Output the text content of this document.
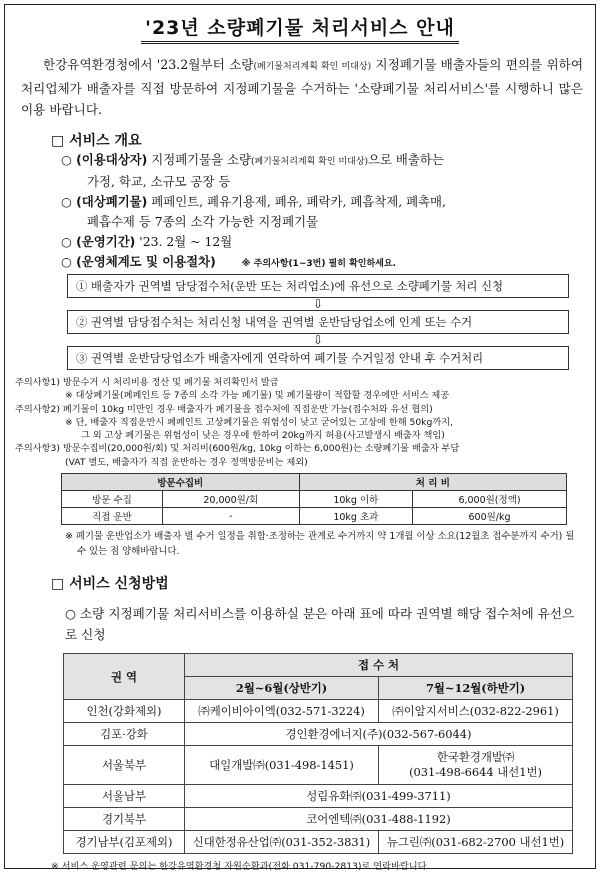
'23년 소량폐기물 처리서비스 안내

한강유역환경청에서 '23.2월부터 소량(폐기물처리계획 확인 미대상) 지정폐기물 배출자들의 편의를 위하여 처리업체가 배출자를 직접 방문하여 지정폐기물을 수거하는 '소량폐기물 처리서비스'를 시행하니 많은 이용 바랍니다.

□ 서비스 개요
○ (이용대상자) 지정폐기물을 소량(폐기물처리계획 확인 미대상)으로 배출하는
가정, 학교, 소규모 공장 등
○ (대상폐기물) 폐페인트, 폐유기용제, 폐유, 폐락카, 폐흡착제, 폐촉매,
폐흡수제 등 7종의 소각 가능한 지정폐기물
○ (운영기간) '23. 2월 ~ 12월
○ (운영체계도 및 이용절차)	※ 주의사항(1~3번) 필히 확인하세요.
① 배출자가 권역별 담당접수처(운반 또는 처리업소)에 유선으로 소량폐기물 처리 신청
⇩
② 권역별 담당접수처는 처리신청 내역을 권역별 운반담당업소에 인계 또는 수거
⇩
③ 권역별 운반담당업소가 배출자에게 연락하여 폐기물 수거일정 안내 후 수거처리
주의사항1) 방문수거 시 처리비용 정산 및 폐기물 처리확인서 발급
※ 대상폐기물(폐페인트 등 7종의 소각 가능 폐기물) 및 폐기물량이 적합할 경우에만 서비스 제공
주의사항2) 폐기물이 10kg 미만인 경우 배출자가 폐기물을 접수처에 직접운반 가능(접수처와 유선 협의)
※ 단, 배출자 직접운반시 폐페인트 고상폐기물은 위험성이 낮고 굳어있는 고상에 한해 50kg까지,
그 외 고상 폐기물은 위험성이 낮은 경우에 한하여 20kg까지 허용(사고발생시 배출자 책임)
주의사항3) 방문수집비(20,000원/회) 및 처리비(600원/kg, 10kg 이하는 6,000원)는 소량폐기물 배출자 부담
(VAT 별도, 배출자가 직접 운반하는 경우 정액방문비는 제외)
방문수집비		처 리 비	
방문 수집	20,000원/회	10kg 이하	6,000원(정액)
직접 운반	-	10kg 초과	600원/kg
※ 폐기물 운반업소가 배출자 별 수거 일정을 취합·조정하는 관계로 수거까지 약 1개월 이상 소요(12월초 접수분까지 수거) 될 수 있는 점 양해바랍니다.
□ 서비스 신청방법
○ 소량 지정폐기물 처리서비스를 이용하실 분은 아래 표에 따라 권역별 해당 접수처에 유선으로 신청
권 역	접 수 처	
	2월~6월(상반기)	7월~12월(하반기)
인천(강화제외)	㈜케이비아이엑(032-571-3224)	㈜이알지서비스(032-822-2961)
김포·강화	경인환경에너지(주)(032-567-6044)	
서울북부	대일개발㈜(031-498-1451)	한국환경개발㈜
(031-498-6644 내선1번)

서울남부	성림유화㈜(031-499-3711)	
경기북부	코어엔텍㈜(031-488-1192)	
경기남부(김포제외)	신대한정유산업㈜(031-352-3831)	뉴그린㈜(031-682-2700 내선1번)
※ 서비스 운영관련 문의는 한강유역환경청 자원순환과(전화 031-790-2813)로 연락바랍니다.
